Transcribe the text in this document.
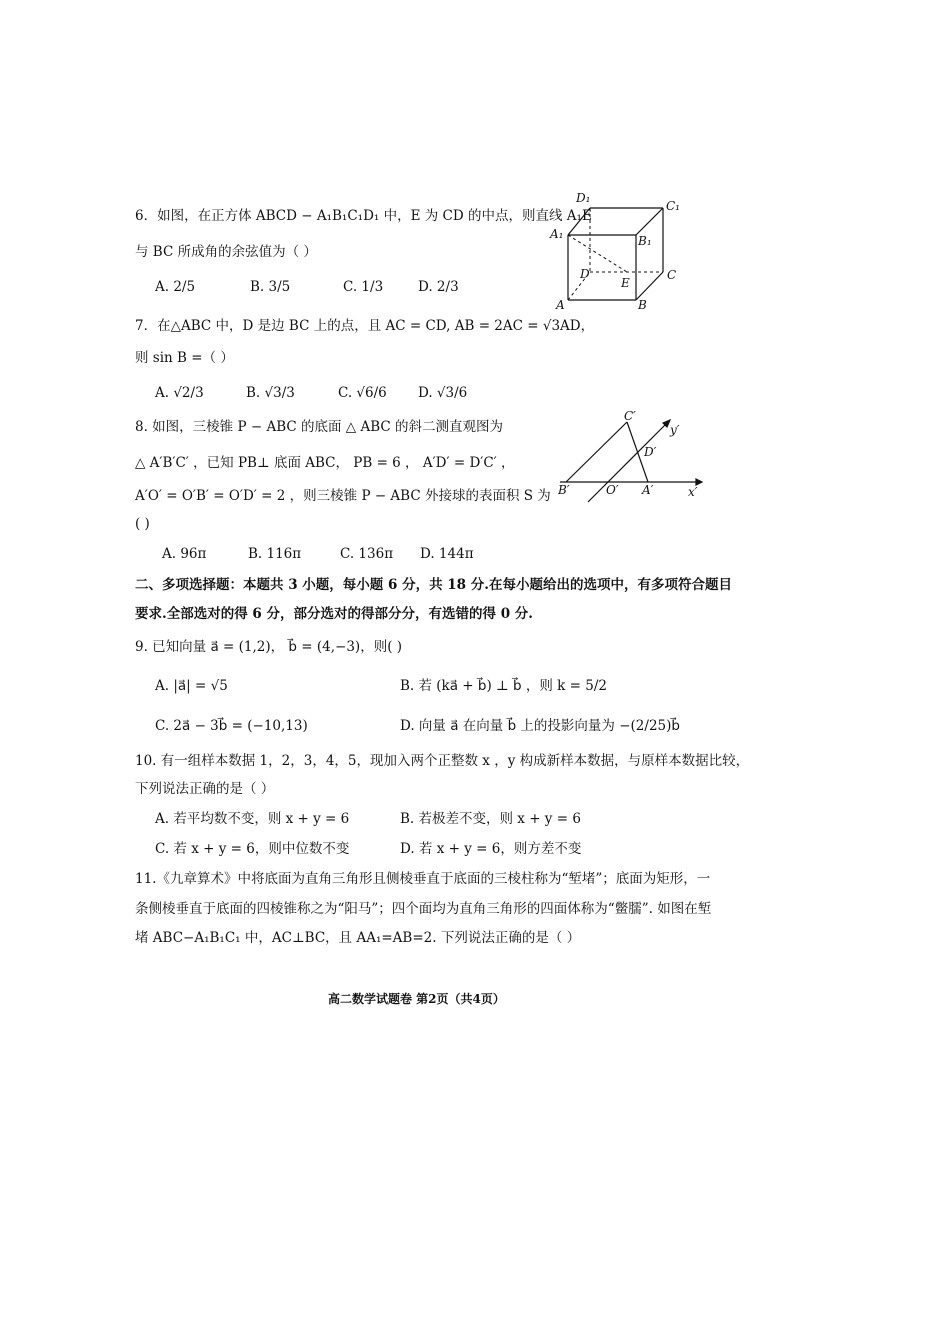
6．如图，在正方体 ABCD − A₁B₁C₁D₁ 中，E 为 CD 的中点，则直线 A₁E
与 BC 所成角的余弦值为（ ）
A. 2/5	B. 3/5	C. 1/3	D. 2/3
D₁
C₁
A₁	B₁
D	C
E
A	B
7．在△ABC 中，D 是边 BC 上的点，且 AC = CD, AB = 2AC = √3AD，
则 sin B =（ ）
A. √2/3	B. √3/3	C. √6/6 D. √3/6
8. 如图，三棱锥 P − ABC 的底面 △ ABC 的斜二测直观图为
△ A′B′C′ ，已知 PB⊥ 底面 ABC， PB = 6 ， A′D′ = D′C′ ，
A′O′ = O′B′ = O′D′ = 2 ，则三棱锥 P − ABC 外接球的表面积 S 为
( )
A. 96π	B. 116π	C. 136π D. 144π
C′
y′
D′
B′	O′ A′	x′
二、多项选择题：本题共 3 小题，每小题 6 分，共 18 分.在每小题给出的选项中，有多项符合题目
要求.全部选对的得 6 分，部分选对的得部分分，有选错的得 0 分.
9. 已知向量 a⃗ = (1,2)， b⃗ = (4,−3)，则( )
A. |a⃗| = √5	B. 若 (ka⃗ + b⃗) ⊥ b⃗ ，则 k = 5/2
C. 2a⃗ − 3b⃗ = (−10,13)	D. 向量 a⃗ 在向量 b⃗ 上的投影向量为 −(2/25)b⃗
10. 有一组样本数据 1，2，3，4，5，现加入两个正整数 x ，y 构成新样本数据，与原样本数据比较，
下列说法正确的是（ ）
A. 若平均数不变，则 x + y = 6	B. 若极差不变，则 x + y = 6
C. 若 x + y = 6，则中位数不变	D. 若 x + y = 6，则方差不变
11.《九章算术》中将底面为直角三角形且侧棱垂直于底面的三棱柱称为“堑堵”；底面为矩形，一
条侧棱垂直于底面的四棱锥称之为“阳马”；四个面均为直角三角形的四面体称为“鳖臑”. 如图在堑
堵 ABC−A₁B₁C₁ 中，AC⊥BC，且 AA₁=AB=2. 下列说法正确的是（ ）
高二数学试题卷 第2页（共4页）
